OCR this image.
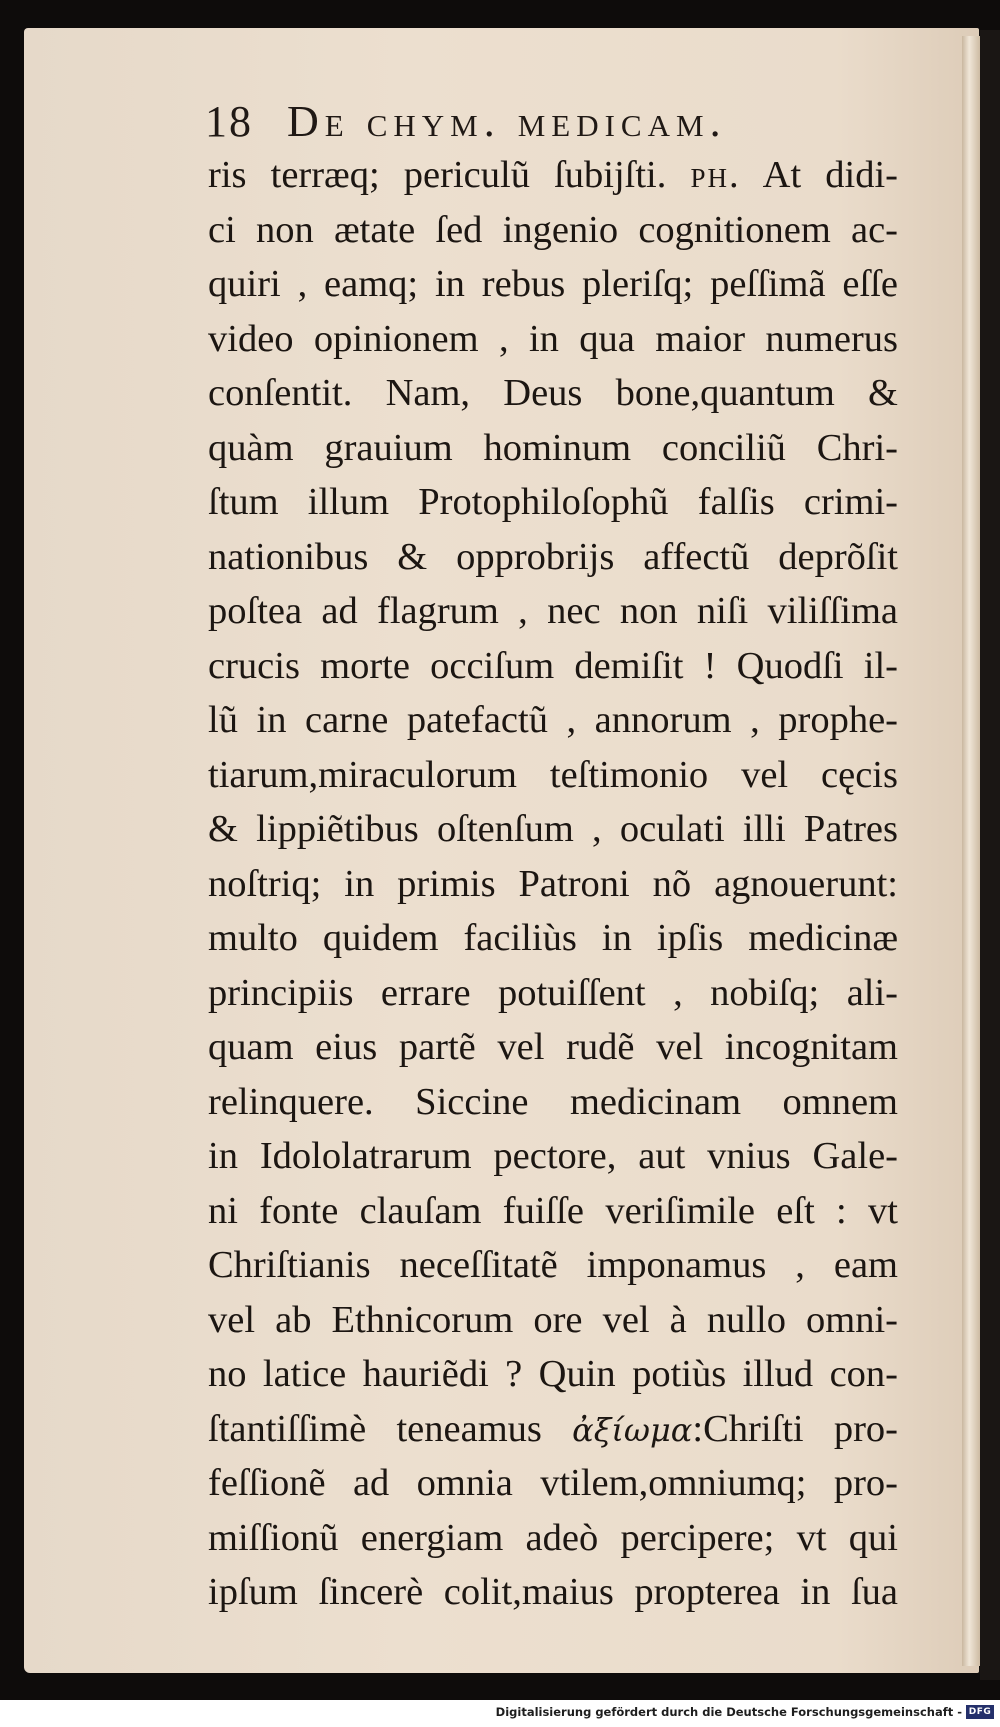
18 De chym. medicam.
ris terræq; periculũ ſubijſti. ph. At didi-
ci non ætate ſed ingenio cognitionem ac-
quiri , eamq; in rebus pleriſq; peſſimã eſſe
video opinionem , in qua maior numerus
conſentit. Nam, Deus bone,quantum &
quàm grauium hominum conciliũ Chri-
ſtum illum Protophiloſophũ falſis crimi-
nationibus & opprobrijs affectũ deprõſit
poſtea ad flagrum , nec non niſi viliſſima
crucis morte occiſum demiſit ! Quodſi il-
lũ in carne patefactũ , annorum , prophe-
tiarum,miraculorum teſtimonio vel cęcis
& lippiẽtibus oſtenſum , oculati illi Patres
noſtriq; in primis Patroni nõ agnouerunt:
multo quidem faciliùs in ipſis medicinæ
principiis errare potuiſſent , nobiſq; ali-
quam eius partẽ vel rudẽ vel incognitam
relinquere. Siccine medicinam omnem
in Idololatrarum pectore, aut vnius Gale-
ni fonte clauſam fuiſſe veriſimile eſt : vt
Chriſtianis neceſſitatẽ imponamus , eam
vel ab Ethnicorum ore vel à nullo omni-
no latice hauriẽdi ? Quin potiùs illud con-
ſtantiſſimè teneamus ἀξίωμα:Chriſti pro-
feſſionẽ ad omnia vtilem,omniumq; pro-
miſſionũ energiam adeò percipere; vt qui
ipſum ſincerè colit,maius propterea in ſua
Digitalisierung gefördert durch die Deutsche Forschungsgemeinschaft - DFG
